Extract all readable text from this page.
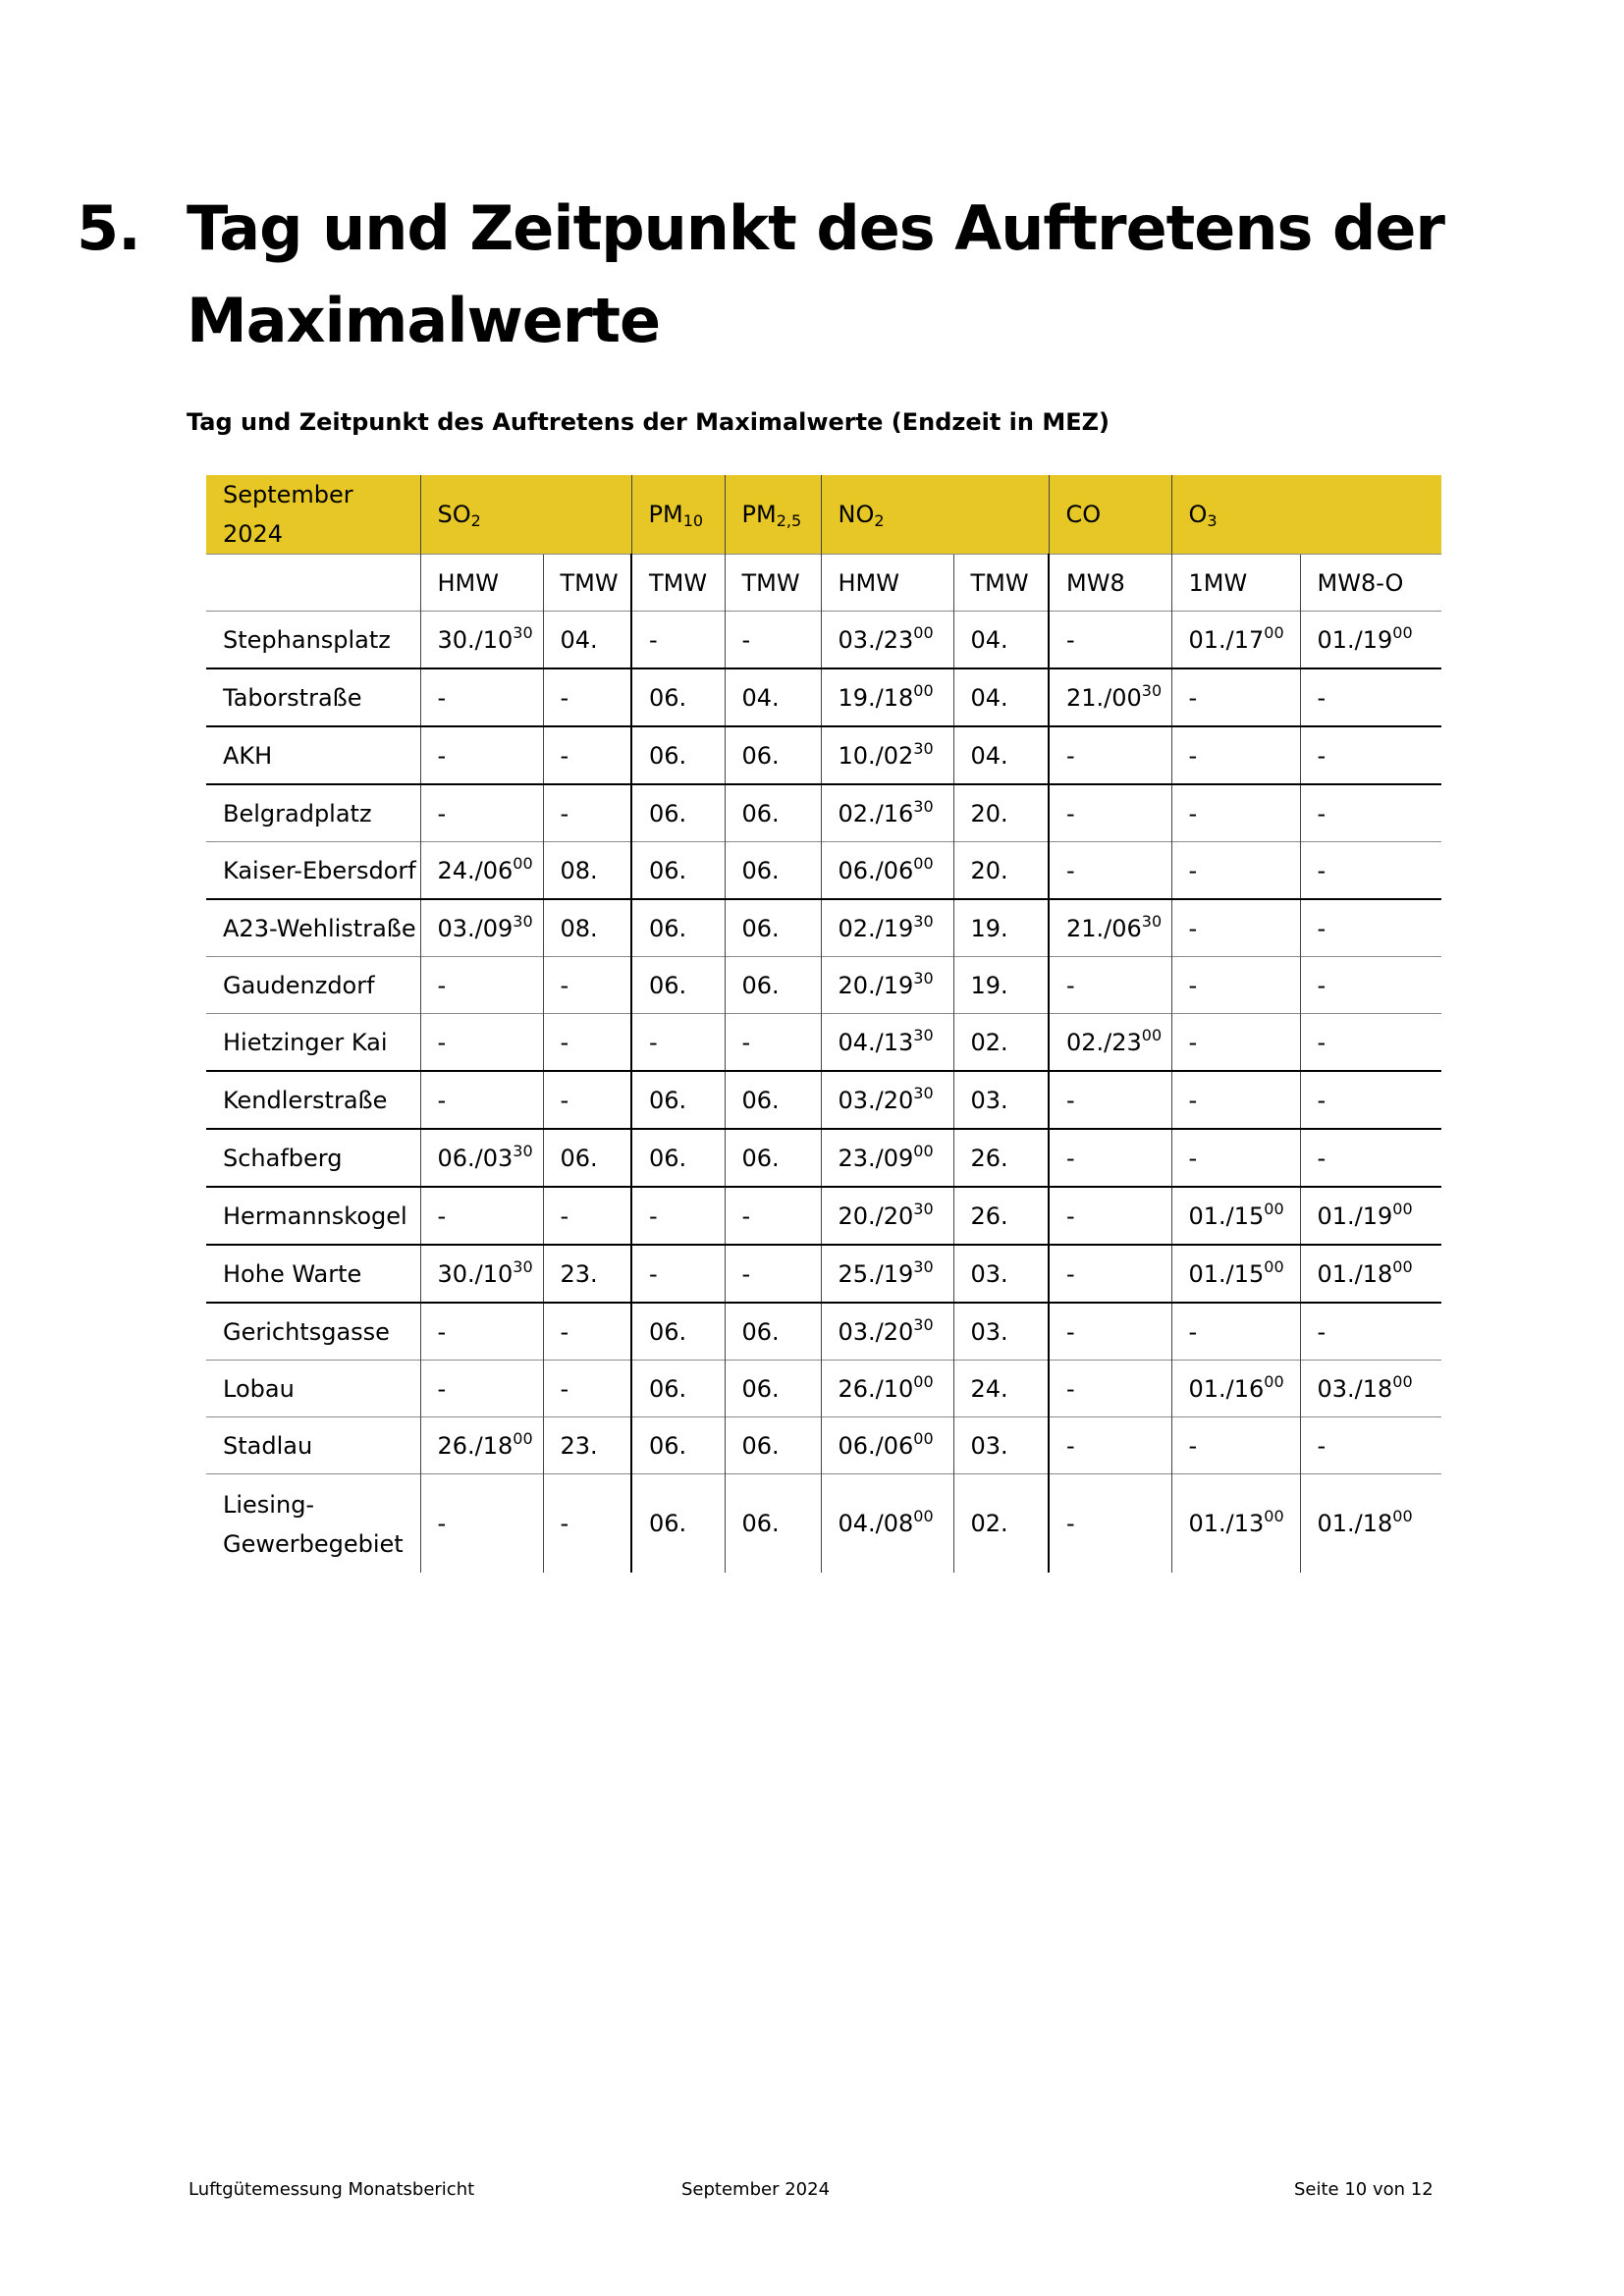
5. Tag und Zeitpunkt des Auftretens der Maximalwerte
Tag und Zeitpunkt des Auftretens der Maximalwerte (Endzeit in MEZ)
September 2024	$SO_2$		$PM_{10}$	$PM_{2,5}$	$NO_2$		CO	$O_3$
	HMW	TMW	TMW	TMW	HMW	TMW	MW8	1MW	MW8-O
Stephansplatz	$30./10^{30}$	04.	-	-	$03./23^{00}$	04.	-	$01./17^{00}$	$01./19^{00}$
Taborstraße	-	-	06.	04.	$19./18^{00}$	04.	$21./00^{30}$	-	-
AKH	-	-	06.	06.	$10./02^{30}$	04.	-	-	-
Belgradplatz	-	-	06.	06.	$02./16^{30}$	20.	-	-	-
Kaiser-Ebersdorf	$24./06^{00}$	08.	06.	06.	$06./06^{00}$	20.	-	-	-
A23-Wehlistraße	$03./09^{30}$	08.	06.	06.	$02./19^{30}$	19.	$21./06^{30}$	-	-
Gaudenzdorf	-	-	06.	06.	$20./19^{30}$	19.	-	-	-
Hietzinger Kai	-	-	-	-	$04./13^{30}$	02.	$02./23^{00}$	-	-
Kendlerstraße	-	-	06.	06.	$03./20^{30}$	03.	-	-	-
Schafberg	$06./03^{30}$	06.	06.	06.	$23./09^{00}$	26.	-	-	-
Hermannskogel	-	-	-	-	$20./20^{30}$	26.	-	$01./15^{00}$	$01./19^{00}$
Hohe Warte	$30./10^{30}$	23.	-	-	$25./19^{30}$	03.	-	$01./15^{00}$	$01./18^{00}$
Gerichtsgasse	-	-	06.	06.	$03./20^{30}$	03.	-	-	-
Lobau	-	-	06.	06.	$26./10^{00}$	24.	-	$01./16^{00}$	$03./18^{00}$
Stadlau	$26./18^{00}$	23.	06.	06.	$06./06^{00}$	03.	-	-	-
Liesing-Gewerbegebiet	-	-	06.	06.	$04./08^{00}$	02.	-	$01./13^{00}$	$01./18^{00}$
Luftgütemessung Monatsbericht	September 2024	Seite 10 von 12
